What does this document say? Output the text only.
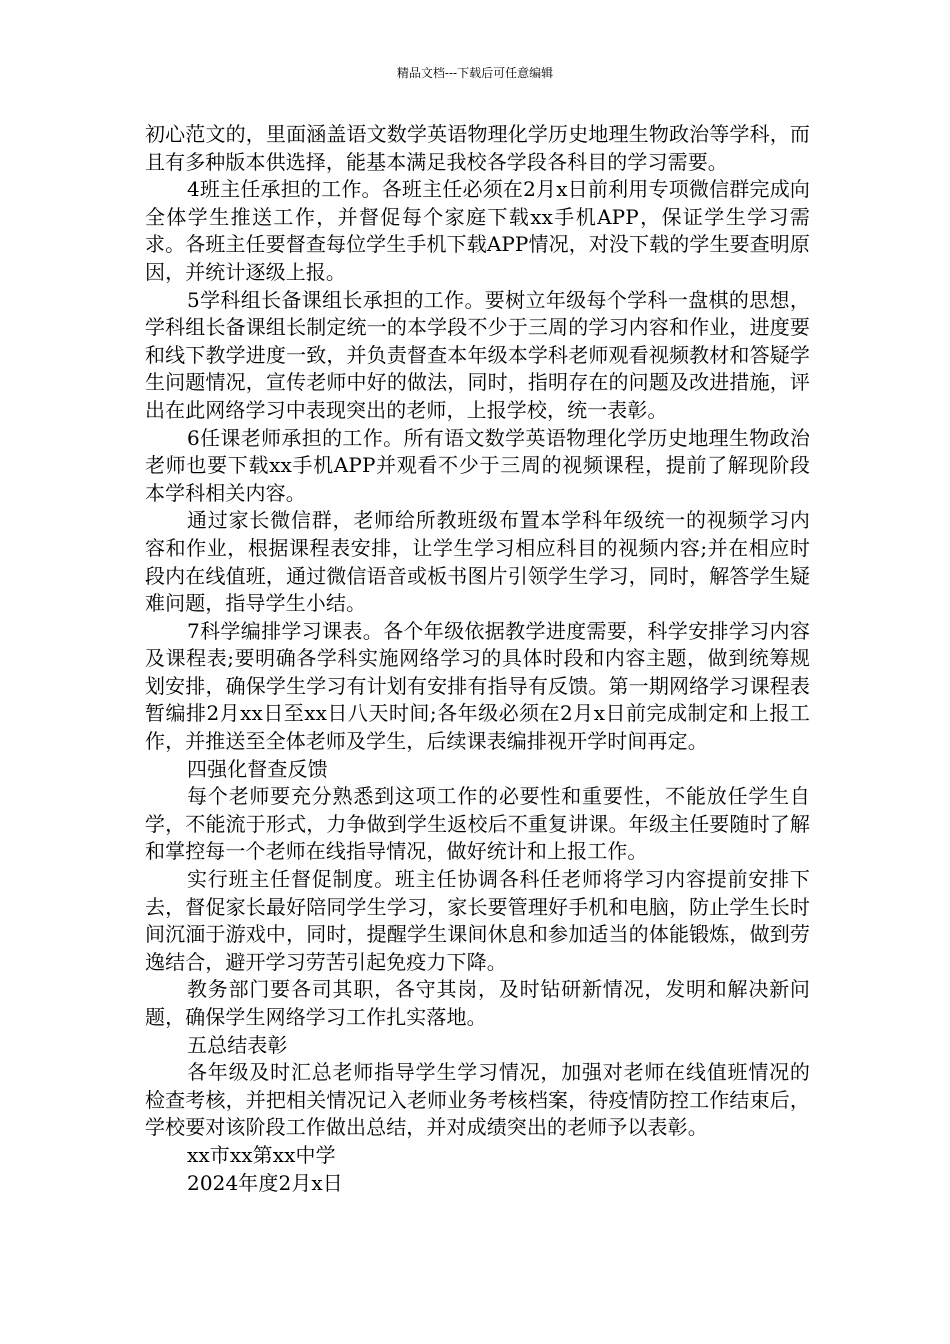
精品文档---下载后可任意编辑

初心范文的，里面涵盖语文数学英语物理化学历史地理生物政治等学科，而且有多种版本供选择，能基本满足我校各学段各科目的学习需要。

4班主任承担的工作。各班主任必须在2月x日前利用专项微信群完成向全体学生推送工作，并督促每个家庭下载xx手机APP，保证学生学习需求。各班主任要督查每位学生手机下载APP情况，对没下载的学生要查明原因，并统计逐级上报。

5学科组长备课组长承担的工作。要树立年级每个学科一盘棋的思想，学科组长备课组长制定统一的本学段不少于三周的学习内容和作业，进度要和线下教学进度一致，并负责督查本年级本学科老师观看视频教材和答疑学生问题情况，宣传老师中好的做法，同时，指明存在的问题及改进措施，评出在此网络学习中表现突出的老师，上报学校，统一表彰。

6任课老师承担的工作。所有语文数学英语物理化学历史地理生物政治老师也要下载xx手机APP并观看不少于三周的视频课程，提前了解现阶段本学科相关内容。

通过家长微信群，老师给所教班级布置本学科年级统一的视频学习内容和作业，根据课程表安排，让学生学习相应科目的视频内容;并在相应时段内在线值班，通过微信语音或板书图片引领学生学习，同时，解答学生疑难问题，指导学生小结。

7科学编排学习课表。各个年级依据教学进度需要，科学安排学习内容及课程表;要明确各学科实施网络学习的具体时段和内容主题，做到统筹规划安排，确保学生学习有计划有安排有指导有反馈。第一期网络学习课程表暂编排2月xx日至xx日八天时间;各年级必须在2月x日前完成制定和上报工作，并推送至全体老师及学生，后续课表编排视开学时间再定。

四强化督查反馈

每个老师要充分熟悉到这项工作的必要性和重要性，不能放任学生自学，不能流于形式，力争做到学生返校后不重复讲课。年级主任要随时了解和掌控每一个老师在线指导情况，做好统计和上报工作。

实行班主任督促制度。班主任协调各科任老师将学习内容提前安排下去，督促家长最好陪同学生学习，家长要管理好手机和电脑，防止学生长时间沉湎于游戏中，同时，提醒学生课间休息和参加适当的体能锻炼，做到劳逸结合，避开学习劳苦引起免疫力下降。

教务部门要各司其职，各守其岗，及时钻研新情况，发明和解决新问题，确保学生网络学习工作扎实落地。

五总结表彰

各年级及时汇总老师指导学生学习情况，加强对老师在线值班情况的检查考核，并把相关情况记入老师业务考核档案，待疫情防控工作结束后，学校要对该阶段工作做出总结，并对成绩突出的老师予以表彰。

xx市xx第xx中学

2024年度2月x日
